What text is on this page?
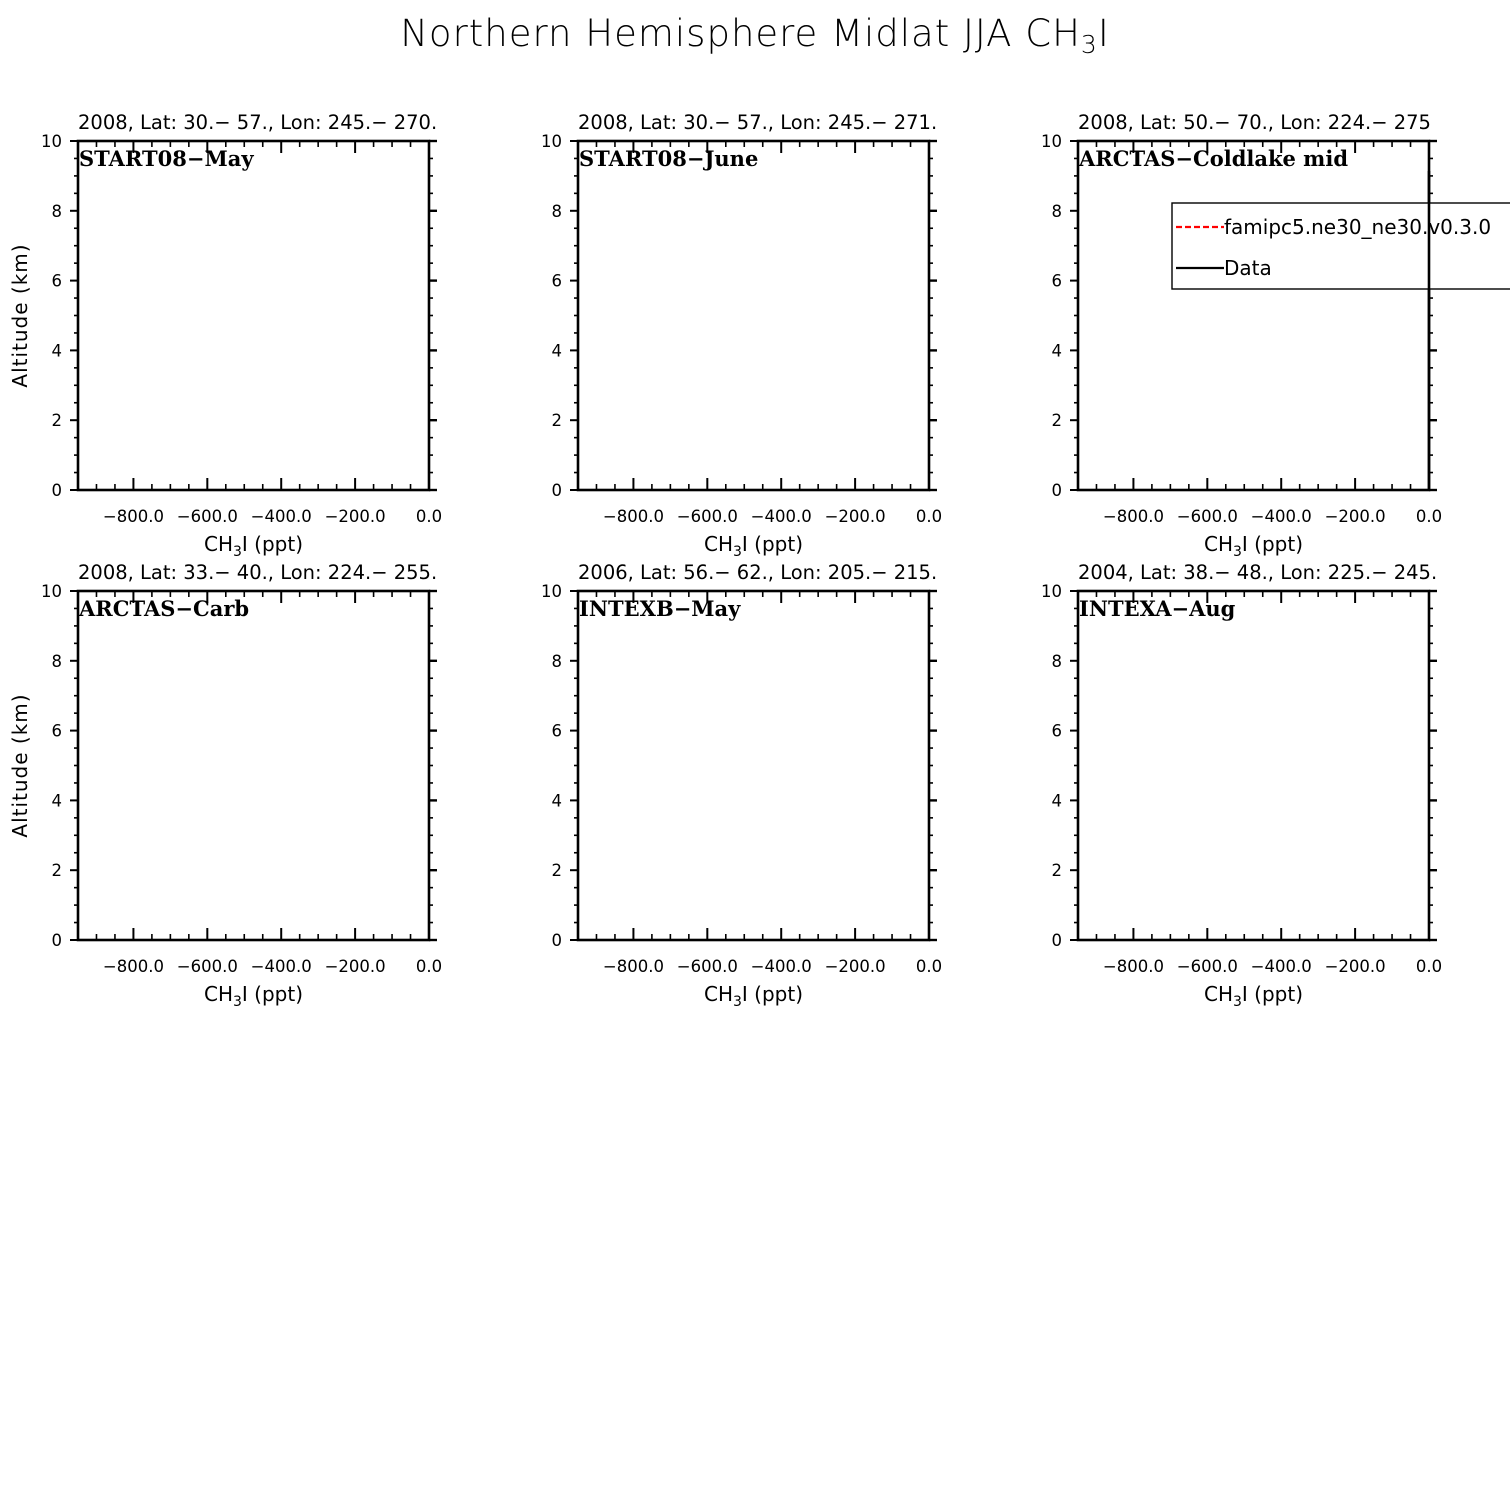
Northern Hemisphere Midlat JJA CH3I
−800.0 −600.0 −400.0 −200.0 0.0
0
2
4
6
8
10
2008, Lat: 30.− 57., Lon: 245.− 270.
START08−May
$CH_3I$ (ppt)
Altitude (km)
−800.0 −600.0 −400.0 −200.0 0.0
0
2
4
6
8
10
2008, Lat: 30.− 57., Lon: 245.− 271.
START08−June
$CH_3I$ (ppt)
−800.0 −600.0 −400.0 −200.0 0.0
0
2
4
6
8
10
2008, Lat: 50.− 70., Lon: 224.− 275
ARCTAS−Coldlake mid
$CH_3I$ (ppt)
famipc5.ne30_ne30.v0.3.0
Data
−800.0 −600.0 −400.0 −200.0 0.0
0
2
4
6
8
10
2008, Lat: 33.− 40., Lon: 224.− 255.
ARCTAS−Carb
$CH_3I$ (ppt)
Altitude (km)
−800.0 −600.0 −400.0 −200.0 0.0
0
2
4
6
8
10
2006, Lat: 56.− 62., Lon: 205.− 215.
INTEXB−May
$CH_3I$ (ppt)
−800.0 −600.0 −400.0 −200.0 0.0
0
2
4
6
8
10
2004, Lat: 38.− 48., Lon: 225.− 245.
INTEXA−Aug
$CH_3I$ (ppt)
